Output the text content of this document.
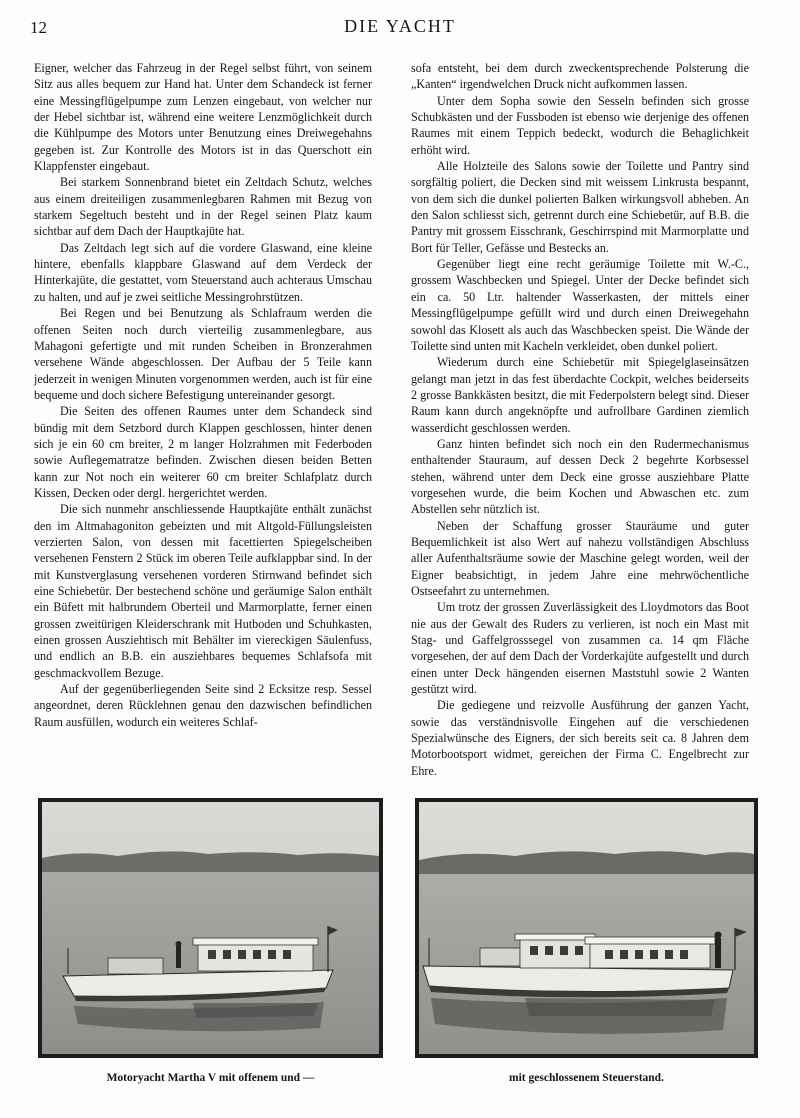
12	DIE YACHT

Eigner, welcher das Fahrzeug in der Regel selbst führt, von seinem Sitz aus alles bequem zur Hand hat. Unter dem Schandeck ist ferner eine Messingflügelpumpe zum Lenzen eingebaut, von welcher nur der Hebel sichtbar ist, während eine weitere Lenzmöglichkeit durch die Kühlpumpe des Motors unter Benutzung eines Dreiwegehahns gegeben ist. Zur Kontrolle des Motors ist in das Querschott ein Klappfenster eingebaut.

Bei starkem Sonnenbrand bietet ein Zeltdach Schutz, welches aus einem dreiteiligen zusammenlegbaren Rahmen mit Bezug von starkem Segeltuch besteht und in der Regel seinen Platz kaum sichtbar auf dem Dach der Hauptkajüte hat.

Das Zeltdach legt sich auf die vordere Glaswand, eine kleine hintere, ebenfalls klappbare Glaswand auf dem Verdeck der Hinterkajüte, die gestattet, vom Steuerstand auch achteraus Umschau zu halten, und auf je zwei seitliche Messingrohrstützen.

Bei Regen und bei Benutzung als Schlafraum werden die offenen Seiten noch durch vierteilig zusammenlegbare, aus Mahagoni gefertigte und mit runden Scheiben in Bronzerahmen versehene Wände abgeschlossen. Der Aufbau der 5 Teile kann jederzeit in wenigen Minuten vorgenommen werden, auch ist für eine bequeme und doch sichere Befestigung untereinander gesorgt.

Die Seiten des offenen Raumes unter dem Schandeck sind bündig mit dem Setzbord durch Klappen geschlossen, hinter denen sich je ein 60 cm breiter, 2 m langer Holzrahmen mit Federboden sowie Auflegematratze befinden. Zwischen diesen beiden Betten kann zur Not noch ein weiterer 60 cm breiter Schlafplatz durch Kissen, Decken oder dergl. hergerichtet werden.

Die sich nunmehr anschliessende Hauptkajüte enthält zunächst den im Altmahagoniton gebeizten und mit Altgold-Füllungsleisten verzierten Salon, von dessen mit facettierten Spiegelscheiben versehenen Fenstern 2 Stück im oberen Teile aufklappbar sind. In der mit Kunstverglasung versehenen vorderen Stirnwand befindet sich eine Schiebetür. Der bestechend schöne und geräumige Salon enthält ein Büfett mit halbrundem Oberteil und Marmorplatte, ferner einen grossen zweitürigen Kleiderschrank mit Hutboden und Schuhkasten, einen grossen Ausziehtisch mit Behälter im viereckigen Säulenfuss, und endlich an B.B. ein ausziehbares bequemes Schlafsofa mit geschmackvollem Bezuge.

Auf der gegenüberliegenden Seite sind 2 Ecksitze resp. Sessel angeordnet, deren Rücklehnen genau den dazwischen befindlichen Raum ausfüllen, wodurch ein weiteres Schlaf-

sofa entsteht, bei dem durch zweckentsprechende Polsterung die „Kanten“ irgendwelchen Druck nicht aufkommen lassen.

Unter dem Sopha sowie den Sesseln befinden sich grosse Schubkästen und der Fussboden ist ebenso wie derjenige des offenen Raumes mit einem Teppich bedeckt, wodurch die Behaglichkeit erhöht wird.

Alle Holzteile des Salons sowie der Toilette und Pantry sind sorgfältig poliert, die Decken sind mit weissem Linkrusta bespannt, von dem sich die dunkel polierten Balken wirkungsvoll abheben. An den Salon schliesst sich, getrennt durch eine Schiebetür, auf B.B. die Pantry mit grossem Eisschrank, Geschirrspind mit Marmorplatte und Bort für Teller, Gefässe und Bestecks an.

Gegenüber liegt eine recht geräumige Toilette mit W.-C., grossem Waschbecken und Spiegel. Unter der Decke befindet sich ein ca. 50 Ltr. haltender Wasserkasten, der mittels einer Messingflügelpumpe gefüllt wird und durch einen Dreiwegehahn sowohl das Klosett als auch das Waschbecken speist. Die Wände der Toilette sind unten mit Kacheln verkleidet, oben dunkel poliert.

Wiederum durch eine Schiebetür mit Spiegelglaseinsätzen gelangt man jetzt in das fest überdachte Cockpit, welches beiderseits 2 grosse Bankkästen besitzt, die mit Federpolstern belegt sind. Dieser Raum kann durch angeknöpfte und aufrollbare Gardinen ziemlich wasserdicht geschlossen werden.

Ganz hinten befindet sich noch ein den Rudermechanismus enthaltender Stauraum, auf dessen Deck 2 begehrte Korbsessel stehen, während unter dem Deck eine grosse ausziehbare Platte vorgesehen wurde, die beim Kochen und Abwaschen etc. zum Abstellen sehr nützlich ist.

Neben der Schaffung grosser Stauräume und guter Bequemlichkeit ist also Wert auf nahezu vollständigen Abschluss aller Aufenthaltsräume sowie der Maschine gelegt worden, weil der Eigner beabsichtigt, in jedem Jahre eine mehrwöchentliche Ostseefahrt zu unternehmen.

Um trotz der grossen Zuverlässigkeit des Lloydmotors das Boot nie aus der Gewalt des Ruders zu verlieren, ist noch ein Mast mit Stag- und Gaffelgrosssegel von zusammen ca. 14 qm Fläche vorgesehen, der auf dem Dach der Vorderkajüte aufgestellt und durch einen unter Deck hängenden eisernen Maststuhl sowie 2 Wanten gestützt wird.

Die gediegene und reizvolle Ausführung der ganzen Yacht, sowie das verständnisvolle Eingehen auf die verschiedenen Spezialwünsche des Eigners, der sich bereits seit ca. 8 Jahren dem Motorbootsport widmet, gereichen der Firma C. Engelbrecht zur Ehre.

Motoryacht Martha V mit offenem und —	mit geschlossenem Steuerstand.
